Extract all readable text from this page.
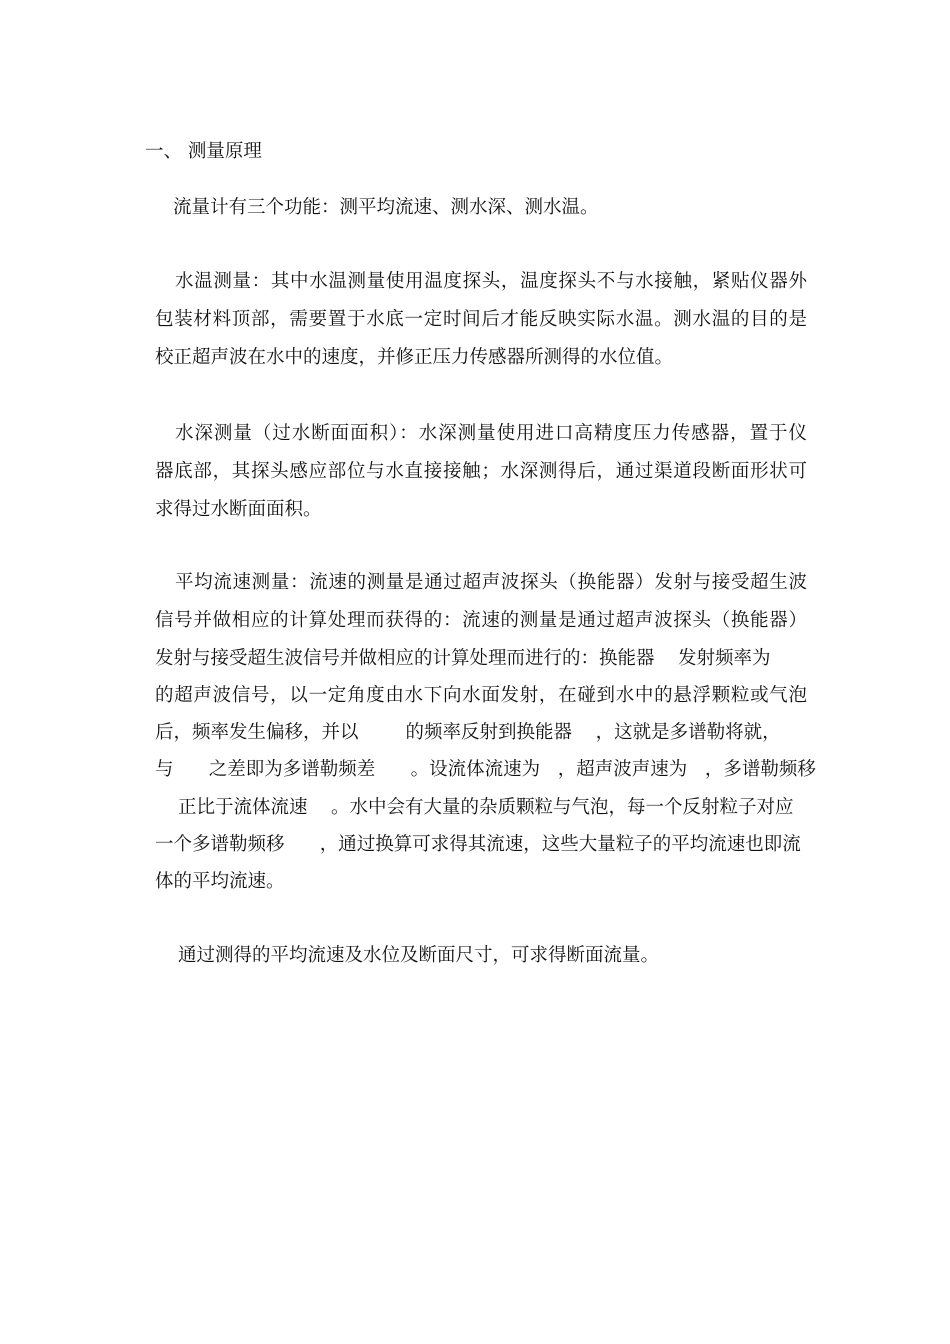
一、 测量原理
流量计有三个功能：测平均流速、测水深、测水温。
水温测量：其中水温测量使用温度探头，温度探头不与水接触，紧贴仪器外
包装材料顶部，需要置于水底一定时间后才能反映实际水温。测水温的目的是
校正超声波在水中的速度，并修正压力传感器所测得的水位值。
水深测量（过水断面面积）：水深测量使用进口高精度压力传感器，置于仪
器底部，其探头感应部位与水直接接触；水深测得后，通过渠道段断面形状可
求得过水断面面积。
平均流速测量：流速的测量是通过超声波探头（换能器）发射与接受超生波
信号并做相应的计算处理而获得的：流速的测量是通过超声波探头（换能器）
发射与接受超生波信号并做相应的计算处理而进行的：换能器    发射频率为
的超声波信号，以一定角度由水下向水面发射，在碰到水中的悬浮颗粒或气泡
后，频率发生偏移，并以        的频率反射到换能器    ，这就是多谱勒将就，
与      之差即为多谱勒频差      。设流体流速为   ，超声波声速为   ，多谱勒频移
正比于流体流速    。水中会有大量的杂质颗粒与气泡，每一个反射粒子对应
一个多谱勒频移      ，通过换算可求得其流速，这些大量粒子的平均流速也即流
体的平均流速。
通过测得的平均流速及水位及断面尺寸，可求得断面流量。
